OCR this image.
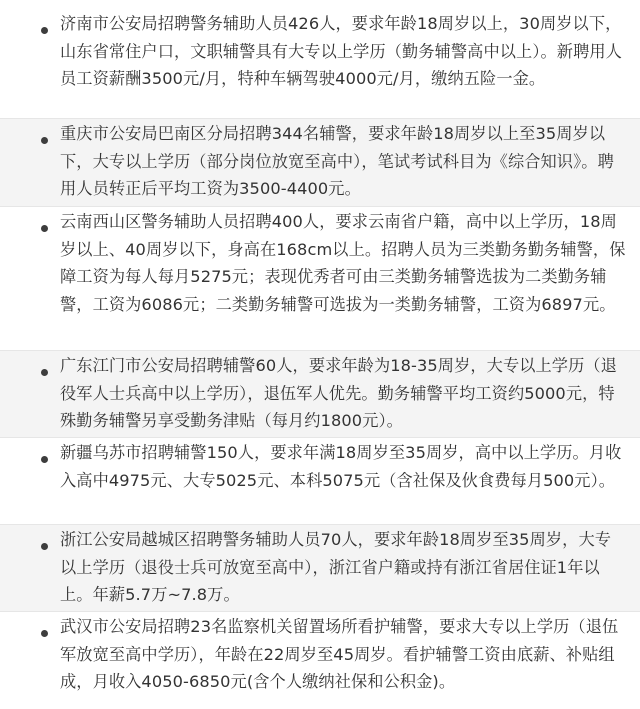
济南市公安局招聘警务辅助人员426人，要求年龄18周岁以上，30周岁以下，山东省常住户口，文职辅警具有大专以上学历（勤务辅警高中以上）。新聘用人员工资薪酬3500元/月，特种车辆驾驶4000元/月，缴纳五险一金。

重庆市公安局巴南区分局招聘344名辅警，要求年龄18周岁以上至35周岁以下，大专以上学历（部分岗位放宽至高中），笔试考试科目为《综合知识》。聘用人员转正后平均工资为3500-4400元。

云南西山区警务辅助人员招聘400人，要求云南省户籍，高中以上学历，18周岁以上、40周岁以下，身高在168cm以上。招聘人员为三类勤务勤务辅警，保障工资为每人每月5275元；表现优秀者可由三类勤务辅警选拔为二类勤务辅警，工资为6086元；二类勤务辅警可选拔为一类勤务辅警，工资为6897元。

广东江门市公安局招聘辅警60人，要求年龄为18-35周岁，大专以上学历（退役军人士兵高中以上学历），退伍军人优先。勤务辅警平均工资约5000元，特殊勤务辅警另享受勤务津贴（每月约1800元）。

新疆乌苏市招聘辅警150人，要求年满18周岁至35周岁，高中以上学历。月收入高中4975元、大专5025元、本科5075元（含社保及伙食费每月500元）。

浙江公安局越城区招聘警务辅助人员70人，要求年龄18周岁至35周岁，大专以上学历（退役士兵可放宽至高中），浙江省户籍或持有浙江省居住证1年以上。年薪5.7万~7.8万。

武汉市公安局招聘23名监察机关留置场所看护辅警，要求大专以上学历（退伍军放宽至高中学历），年龄在22周岁至45周岁。看护辅警工资由底薪、补贴组成，月收入4050-6850元(含个人缴纳社保和公积金)。
